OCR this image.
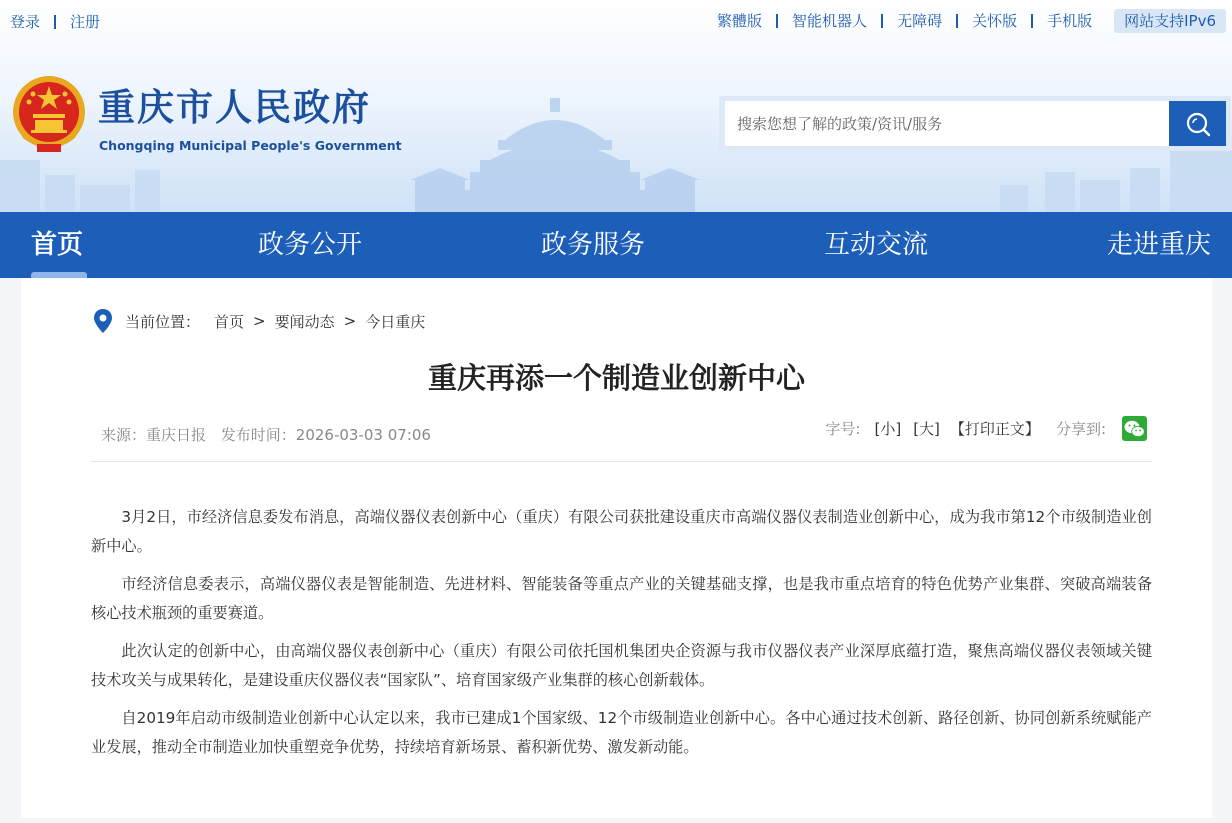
登录 注册	繁體版 智能机器人 无障碍 关怀版 手机版	网站支持IPv6
重庆市人民政府
Chongqing Municipal People's Government
搜索您想了解的政策/资讯/服务
首页	政务公开	政务服务	互动交流	走进重庆
当前位置： 首页 > 要闻动态 > 今日重庆
重庆再添一个制造业创新中心
来源：重庆日报 发布时间：2026-03-03 07:06	字号: [小] [大] 【打印正文】 分享到:

3月2日，市经济信息委发布消息，高端仪器仪表创新中心（重庆）有限公司获批建设重庆市高端仪器仪表制造业创新中心，成为我市第12个市级制造业创新中心。

市经济信息委表示，高端仪器仪表是智能制造、先进材料、智能装备等重点产业的关键基础支撑，也是我市重点培育的特色优势产业集群、突破高端装备核心技术瓶颈的重要赛道。

此次认定的创新中心，由高端仪器仪表创新中心（重庆）有限公司依托国机集团央企资源与我市仪器仪表产业深厚底蕴打造，聚焦高端仪器仪表领域关键技术攻关与成果转化，是建设重庆仪器仪表“国家队”、培育国家级产业集群的核心创新载体。

自2019年启动市级制造业创新中心认定以来，我市已建成1个国家级、12个市级制造业创新中心。各中心通过技术创新、路径创新、协同创新系统赋能产业发展，推动全市制造业加快重塑竞争优势，持续培育新场景、蓄积新优势、激发新动能。
